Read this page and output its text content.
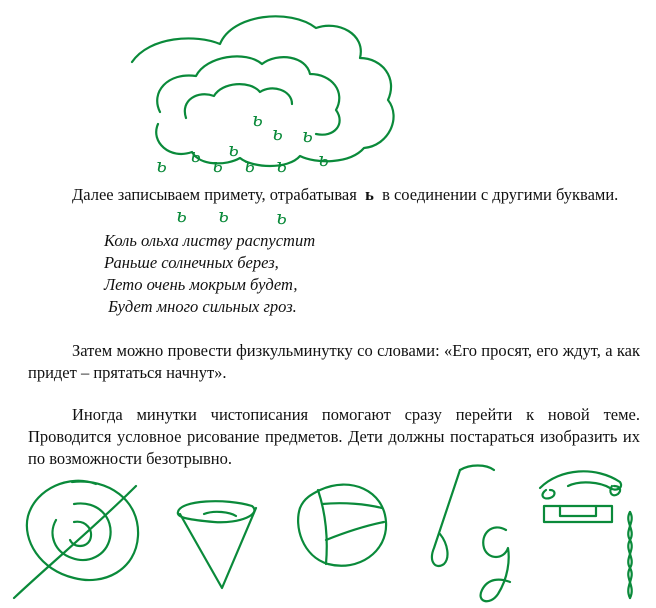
ь
ь ь
ь
ь
ь ь ь ь ь
ь ь ь
Далее записываем примету, отрабатывая ь в соединении с другими буквами.
Коль ольха листву распустит
Раньше солнечных берез,
Лето очень мокрым будет,
Будет много сильных гроз.
Затем можно провести физкульминутку со словами: «Его просят, его ждут, а как придет – прятаться начнут».
Иногда минутки чистописания помогают сразу перейти к новой теме. Проводится условное рисование предметов. Дети должны постараться изобразить их по возможности безотрывно.
